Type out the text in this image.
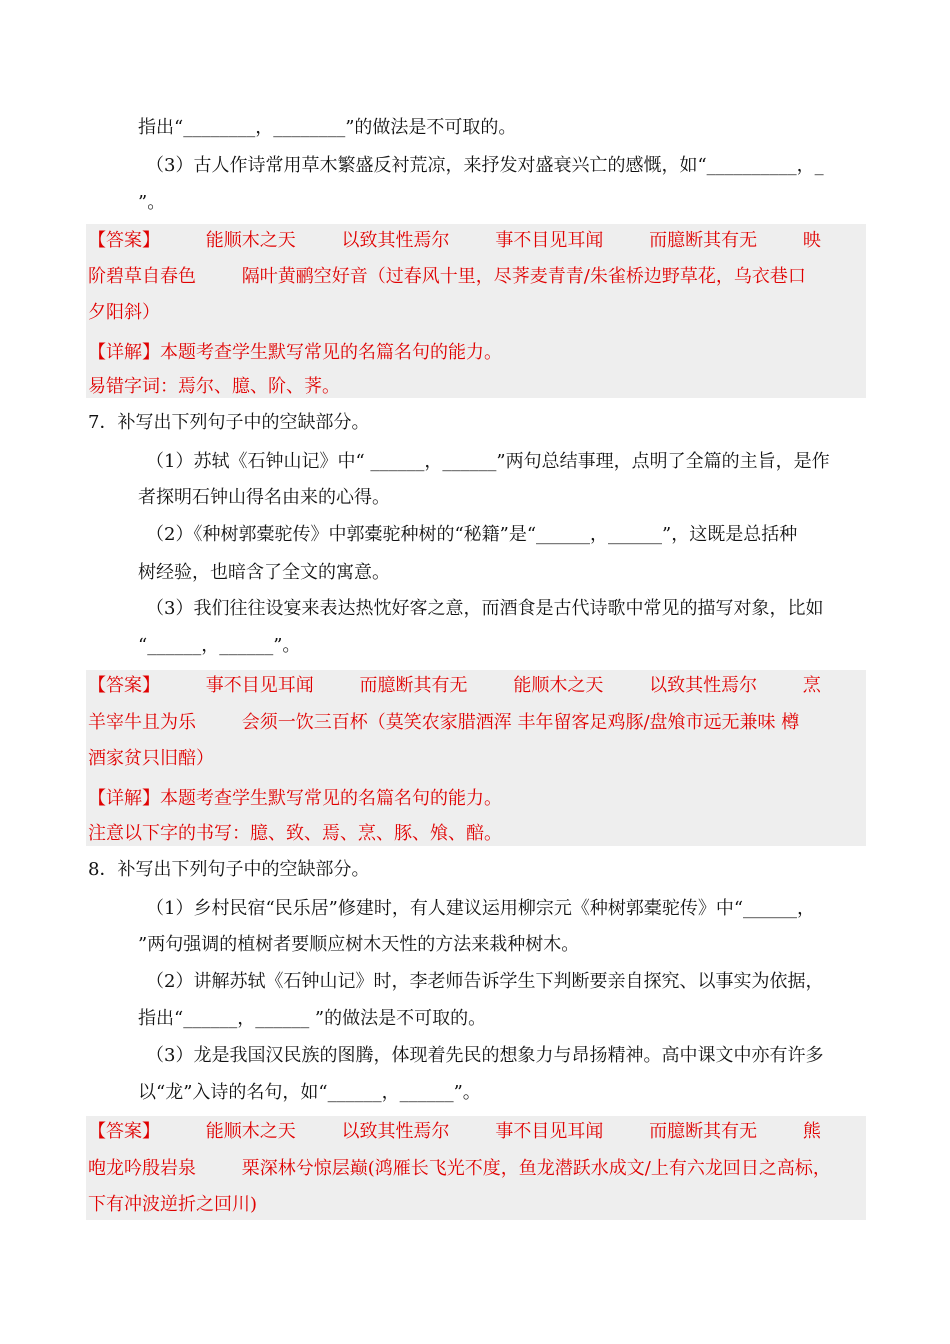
指出“________，________”的做法是不可取的。
（3）古人作诗常用草木繁盛反衬荒凉，来抒发对盛衰兴亡的感慨，如“__________，_
”。
【答案】        能顺木之天        以致其性焉尔        事不目见耳闻        而臆断其有无        映
阶碧草自春色        隔叶黄鹂空好音（过春风十里，尽荠麦青青/朱雀桥边野草花，乌衣巷口
夕阳斜）
【详解】本题考查学生默写常见的名篇名句的能力。
易错字词：焉尔、臆、阶、荠。
7．补写出下列句子中的空缺部分。
（1）苏轼《石钟山记》中“ ______，______”两句总结事理，点明了全篇的主旨，是作
者探明石钟山得名由来的心得。
（2）《种树郭橐驼传》中郭橐驼种树的“秘籍”是“______，______”，这既是总括种
树经验，也暗含了全文的寓意。
（3）我们往往设宴来表达热忱好客之意，而酒食是古代诗歌中常见的描写对象，比如
“______，______”。
【答案】        事不目见耳闻        而臆断其有无        能顺木之天        以致其性焉尔        烹
羊宰牛且为乐        会须一饮三百杯（莫笑农家腊酒浑 丰年留客足鸡豚/盘飧市远无兼味 樽
酒家贫只旧醅）
【详解】本题考查学生默写常见的名篇名句的能力。
注意以下字的书写：臆、致、焉、烹、豚、飧、醅。
8．补写出下列句子中的空缺部分。
（1）乡村民宿“民乐居”修建时，有人建议运用柳宗元《种树郭橐驼传》中“______，
”两句强调的植树者要顺应树木天性的方法来栽种树木。
（2）讲解苏轼《石钟山记》时，李老师告诉学生下判断要亲自探究、以事实为依据，
指出“______，______ ”的做法是不可取的。
（3）龙是我国汉民族的图腾，体现着先民的想象力与昂扬精神。高中课文中亦有许多
以“龙”入诗的名句，如“______，______”。
【答案】        能顺木之天        以致其性焉尔        事不目见耳闻        而臆断其有无        熊
咆龙吟殷岩泉        栗深林兮惊层巅(鸿雁长飞光不度，鱼龙潜跃水成文/上有六龙回日之高标，
下有冲波逆折之回川)
